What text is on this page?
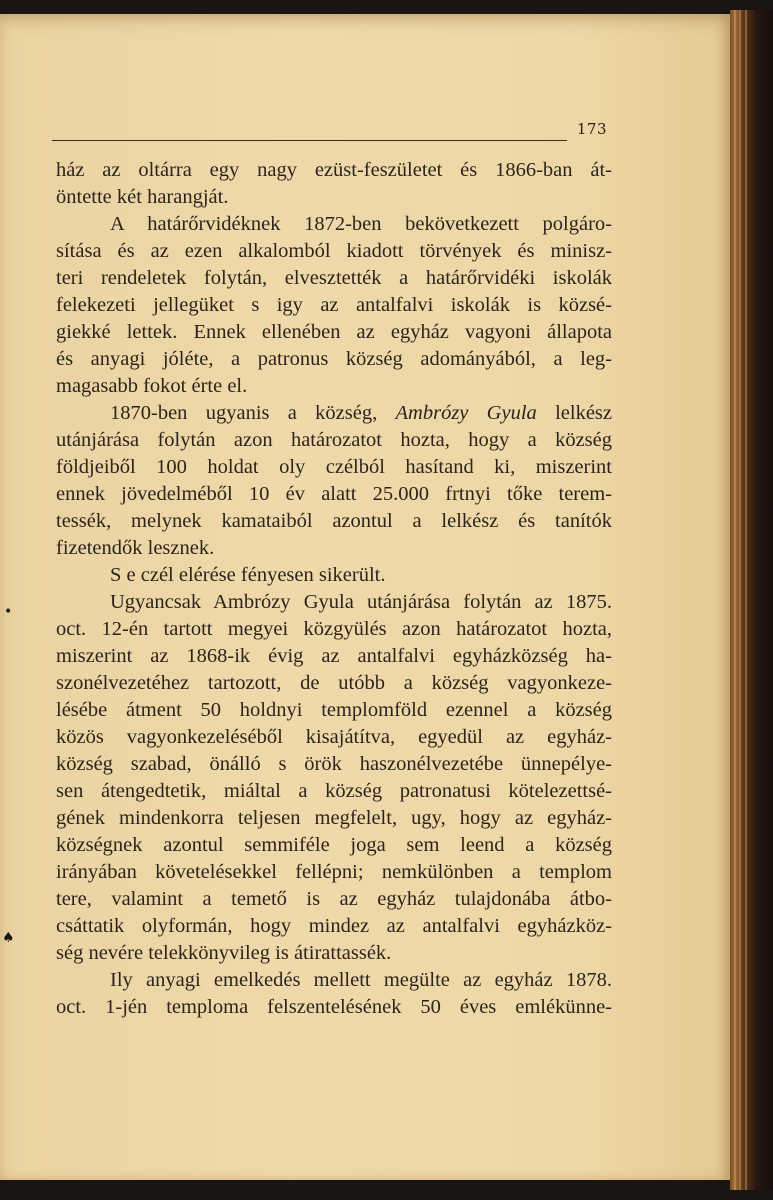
173
ház az oltárra egy nagy ezüst-feszületet és 1866-ban át-
öntette két harangját.
A határőrvidéknek 1872-ben bekövetkezett polgáro-
sítása és az ezen alkalomból kiadott törvények és minisz-
teri rendeletek folytán, elvesztették a határőrvidéki iskolák
felekezeti jellegüket s igy az antalfalvi iskolák is közsé-
giekké lettek. Ennek ellenében az egyház vagyoni állapota
és anyagi jóléte, a patronus község adományából, a leg-
magasabb fokot érte el.
1870-ben ugyanis a község, Ambrózy Gyula lelkész
utánjárása folytán azon határozatot hozta, hogy a község
földjeiből 100 holdat oly czélból hasítand ki, miszerint
ennek jövedelméből 10 év alatt 25.000 frtnyi tőke terem-
tessék, melynek kamataiból azontul a lelkész és tanítók
fizetendők lesznek.
S e czél elérése fényesen sikerült.
Ugyancsak Ambrózy Gyula utánjárása folytán az 1875.
oct. 12-én tartott megyei közgyülés azon határozatot hozta,
miszerint az 1868-ik évig az antalfalvi egyházközség ha-
szonélvezetéhez tartozott, de utóbb a község vagyonkeze-
lésébe átment 50 holdnyi templomföld ezennel a község
közös vagyonkezeléséből kisajátítva, egyedül az egyház-
község szabad, önálló s örök haszonélvezetébe ünnepélye-
sen átengedtetik, miáltal a község patronatusi kötelezettsé-
gének mindenkorra teljesen megfelelt, ugy, hogy az egyház-
községnek azontul semmiféle joga sem leend a község
irányában követelésekkel fellépni; nemkülönben a templom
tere, valamint a temető is az egyház tulajdonába átbo-
csáttatik olyformán, hogy mindez az antalfalvi egyházköz-
ség nevére telekkönyvileg is átirattassék.
Ily anyagi emelkedés mellett megülte az egyház 1878.
oct. 1-jén temploma felszentelésének 50 éves emlékünne-
•
♠
